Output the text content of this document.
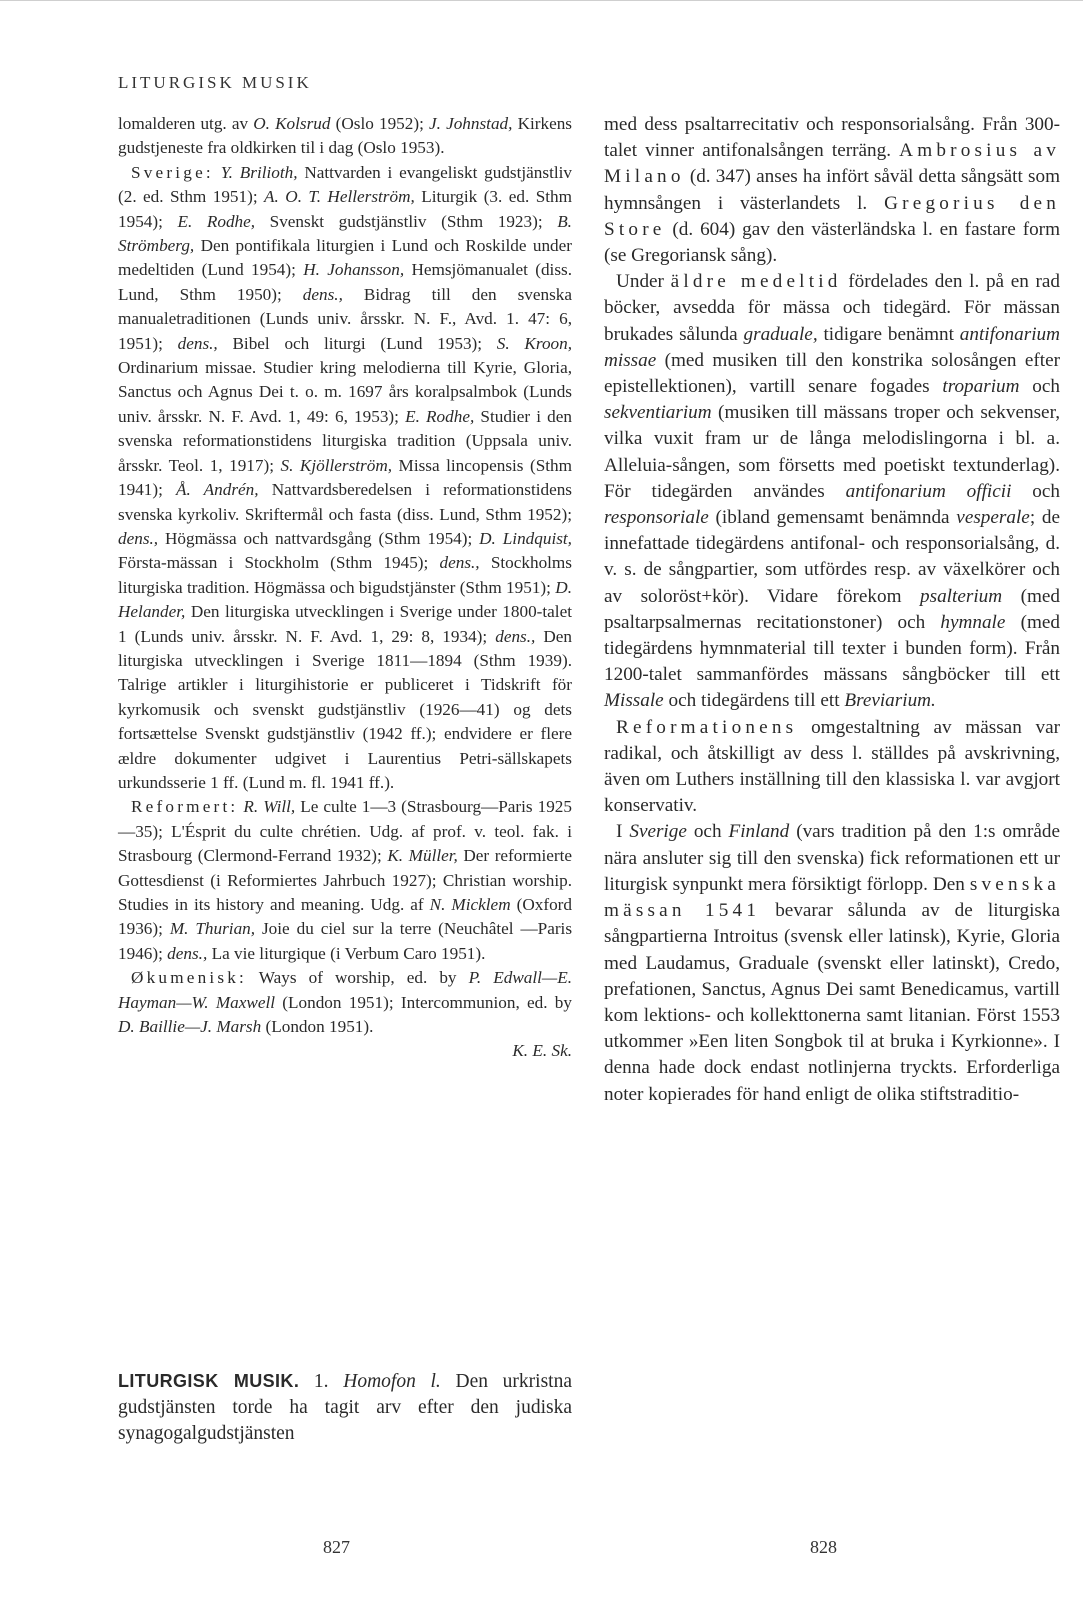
LITURGISK MUSIK

lomalderen utg. av O. Kolsrud (Oslo 1952); J. Johnstad, Kirkens gudstjeneste fra oldkirken til i dag (Oslo 1953).

Sverige: Y. Brilioth, Nattvarden i evangeliskt gudstjänstliv (2. ed. Sthm 1951); A. O. T. Hellerström, Liturgik (3. ed. Sthm 1954); E. Rodhe, Svenskt gudstjänstliv (Sthm 1923); B. Strömberg, Den pontifikala liturgien i Lund och Roskilde under medeltiden (Lund 1954); H. Johansson, Hemsjömanualet (diss. Lund, Sthm 1950); dens., Bidrag till den svenska manualetraditionen (Lunds univ. årsskr. N. F., Avd. 1. 47: 6, 1951); dens., Bibel och liturgi (Lund 1953); S. Kroon, Ordinarium missae. Studier kring melodierna till Kyrie, Gloria, Sanctus och Agnus Dei t. o. m. 1697 års koralpsalmbok (Lunds univ. årsskr. N. F. Avd. 1, 49: 6, 1953); E. Rodhe, Studier i den svenska reformationstidens liturgiska tradition (Uppsala univ. årsskr. Teol. 1, 1917); S. Kjöllerström, Missa lincopensis (Sthm 1941); Å. Andrén, Nattvardsberedelsen i reformationstidens svenska kyrkoliv. Skriftermål och fasta (diss. Lund, Sthm 1952); dens., Högmässa och nattvardsgång (Sthm 1954); D. Lindquist, Första-mässan i Stockholm (Sthm 1945); dens., Stockholms liturgiska tradition. Högmässa och bigudstjänster (Sthm 1951); D. Helander, Den liturgiska utvecklingen i Sverige under 1800-talet 1 (Lunds univ. årsskr. N. F. Avd. 1, 29: 8, 1934); dens., Den liturgiska utvecklingen i Sverige 1811—1894 (Sthm 1939). Talrige artikler i liturgihistorie er publiceret i Tidskrift för kyrkomusik och svenskt gudstjänstliv (1926—41) og dets fortsættelse Svenskt gudstjänstliv (1942 ff.); endvidere er flere ældre dokumenter udgivet i Laurentius Petri-sällskapets urkundsserie 1 ff. (Lund m. fl. 1941 ff.).

Reformert: R. Will, Le culte 1—3 (Strasbourg—Paris 1925—35); L'Ésprit du culte chrétien. Udg. af prof. v. teol. fak. i Strasbourg (Clermond-Ferrand 1932); K. Müller, Der reformierte Gottesdienst (i Reformiertes Jahrbuch 1927); Christian worship. Studies in its history and meaning. Udg. af N. Micklem (Oxford 1936); M. Thurian, Joie du ciel sur la terre (Neuchâtel —Paris 1946); dens., La vie liturgique (i Verbum Caro 1951).

Økumenisk: Ways of worship, ed. by P. Edwall—E. Hayman—W. Maxwell (London 1951); Intercommunion, ed. by D. Baillie—J. Marsh (London 1951).
K. E. Sk.

LITURGISK MUSIK. 1. Homofon l. Den urkristna gudstjänsten torde ha tagit arv efter den judiska synagogalgudstjänsten

med dess psaltarrecitativ och responsorialsång. Från 300-talet vinner antifonalsången terräng. Ambrosius av Milano (d. 347) anses ha infört såväl detta sångsätt som hymnsången i västerlandets l. Gregorius den Store (d. 604) gav den västerländska l. en fastare form (se Gregoriansk sång).

Under äldre medeltid fördelades den l. på en rad böcker, avsedda för mässa och tidegärd. För mässan brukades sålunda graduale, tidigare benämnt antifonarium missae (med musiken till den konstrika solosången efter epistellektionen), vartill senare fogades troparium och sekventiarium (musiken till mässans troper och sekvenser, vilka vuxit fram ur de långa melodislingorna i bl. a. Alleluia-sången, som försetts med poetiskt textunderlag). För tidegärden användes antifonarium officii och responsoriale (ibland gemensamt benämnda vesperale; de innefattade tidegärdens antifonal- och responsorialsång, d. v. s. de sångpartier, som utfördes resp. av växelkörer och av soloröst+kör). Vidare förekom psalterium (med psaltarpsalmernas recitationstoner) och hymnale (med tidegärdens hymnmaterial till texter i bunden form). Från 1200-talet sammanfördes mässans sångböcker till ett Missale och tidegärdens till ett Breviarium.

Reformationens omgestaltning av mässan var radikal, och åtskilligt av dess l. ställdes på avskrivning, även om Luthers inställning till den klassiska l. var avgjort konservativ.

I Sverige och Finland (vars tradition på den 1:s område nära ansluter sig till den svenska) fick reformationen ett ur liturgisk synpunkt mera försiktigt förlopp. Den svenska mässan 1541 bevarar sålunda av de liturgiska sångpartierna Introitus (svensk eller latinsk), Kyrie, Gloria med Laudamus, Graduale (svenskt eller latinskt), Credo, prefationen, Sanctus, Agnus Dei samt Benedicamus, vartill kom lektions- och kollekttonerna samt litanian. Först 1553 utkommer »Een liten Songbok til at bruka i Kyrkionne». I denna hade dock endast notlinjerna tryckts. Erforderliga noter kopierades för hand enligt de olika stiftstraditio-

827	828
